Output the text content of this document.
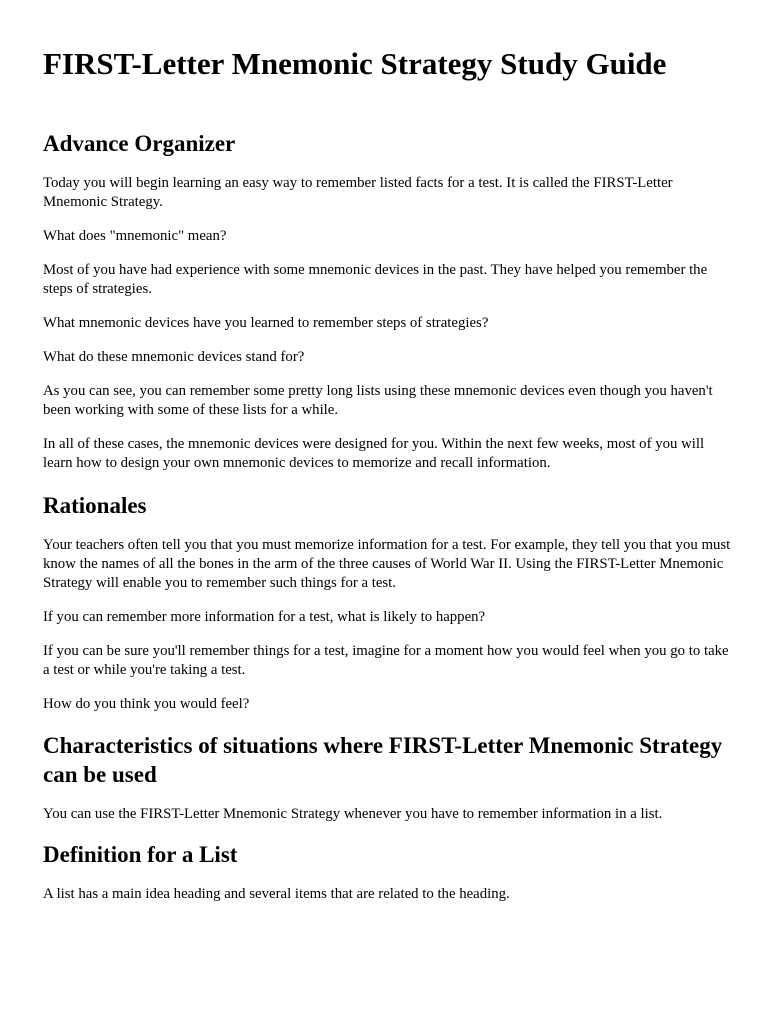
FIRST-Letter Mnemonic Strategy Study Guide
Advance Organizer

Today you will begin learning an easy way to remember listed facts for a test. It is called the FIRST-Letter Mnemonic Strategy.

What does "mnemonic" mean?

Most of you have had experience with some mnemonic devices in the past. They have helped you remember the steps of strategies.

What mnemonic devices have you learned to remember steps of strategies?

What do these mnemonic devices stand for?

As you can see, you can remember some pretty long lists using these mnemonic devices even though you haven't been working with some of these lists for a while.

In all of these cases, the mnemonic devices were designed for you. Within the next few weeks, most of you will learn how to design your own mnemonic devices to memorize and recall information.

Rationales

Your teachers often tell you that you must memorize information for a test. For example, they tell you that you must know the names of all the bones in the arm of the three causes of World War II. Using the FIRST-Letter Mnemonic Strategy will enable you to remember such things for a test.

If you can remember more information for a test, what is likely to happen?

If you can be sure you'll remember things for a test, imagine for a moment how you would feel when you go to take a test or while you're taking a test.

How do you think you would feel?

Characteristics of situations where FIRST-Letter Mnemonic Strategy can be used

You can use the FIRST-Letter Mnemonic Strategy whenever you have to remember information in a list.

Definition for a List

A list has a main idea heading and several items that are related to the heading.
